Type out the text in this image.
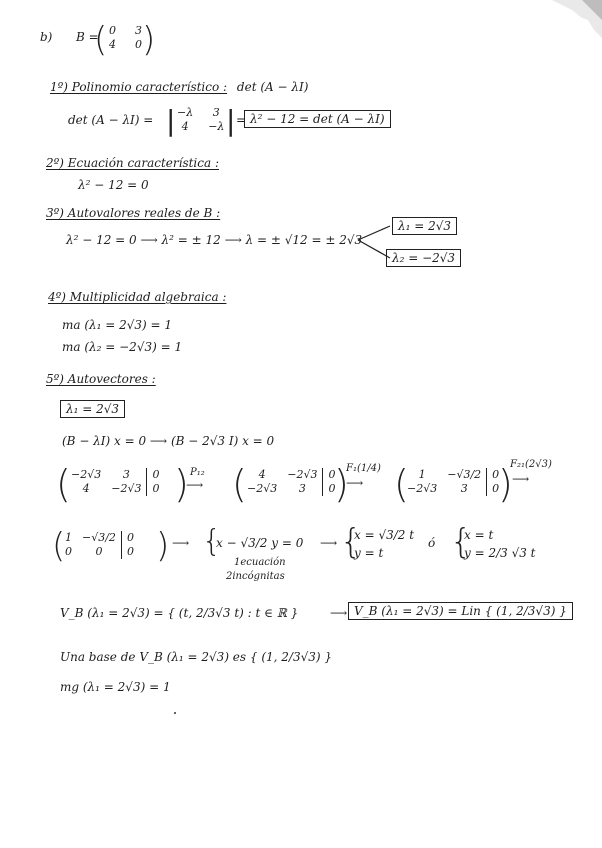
b) B =
( 0	3
4	0 )
1º) Polinomio característico : det (A − λI)
det (A − λI) = | −λ	3
4	−λ | = λ² − 12 = det (A − λI)
2º) Ecuación característica :
λ² − 12 = 0
3º) Autovalores reales de B :
λ² − 12 = 0 ⟶ λ² = ± 12 ⟶ λ = ± √12 = ± 2√3
λ₁ = 2√3
λ₂ = −2√3
4º) Multiplicidad algebraica :
ma (λ₁ = 2√3) = 1
ma (λ₂ = −2√3) = 1
5º) Autovectores :
λ₁ = 2√3
(B − λI) x = 0 ⟶ (B − 2√3 I) x = 0
( −2√3	3	0
4	−2√3	0 ) P₁₂
⟶ ( 4	−2√3	0
−2√3	3	0
)
F₁(1/4)
⟶ ( 1	−√3/2	0
−2√3	3	0
)
F₂₁(2√3)
⟶
( 1	−√3/2	0
0	0	0 ) ⟶ {
x − √3/2 y = 0
1ecuación
2incógnitas
⟶ {
x = √3/2 t
y = t
ó {
x = t
y = 2/3 √3 t
V_B (λ₁ = 2√3) = { (t, 2/3√3 t) : t ∈ ℝ }	⟶ V_B (λ₁ = 2√3) = Lin { (1, 2/3√3) }
Una base de V_B (λ₁ = 2√3) es { (1, 2/3√3) }
mg (λ₁ = 2√3) = 1
